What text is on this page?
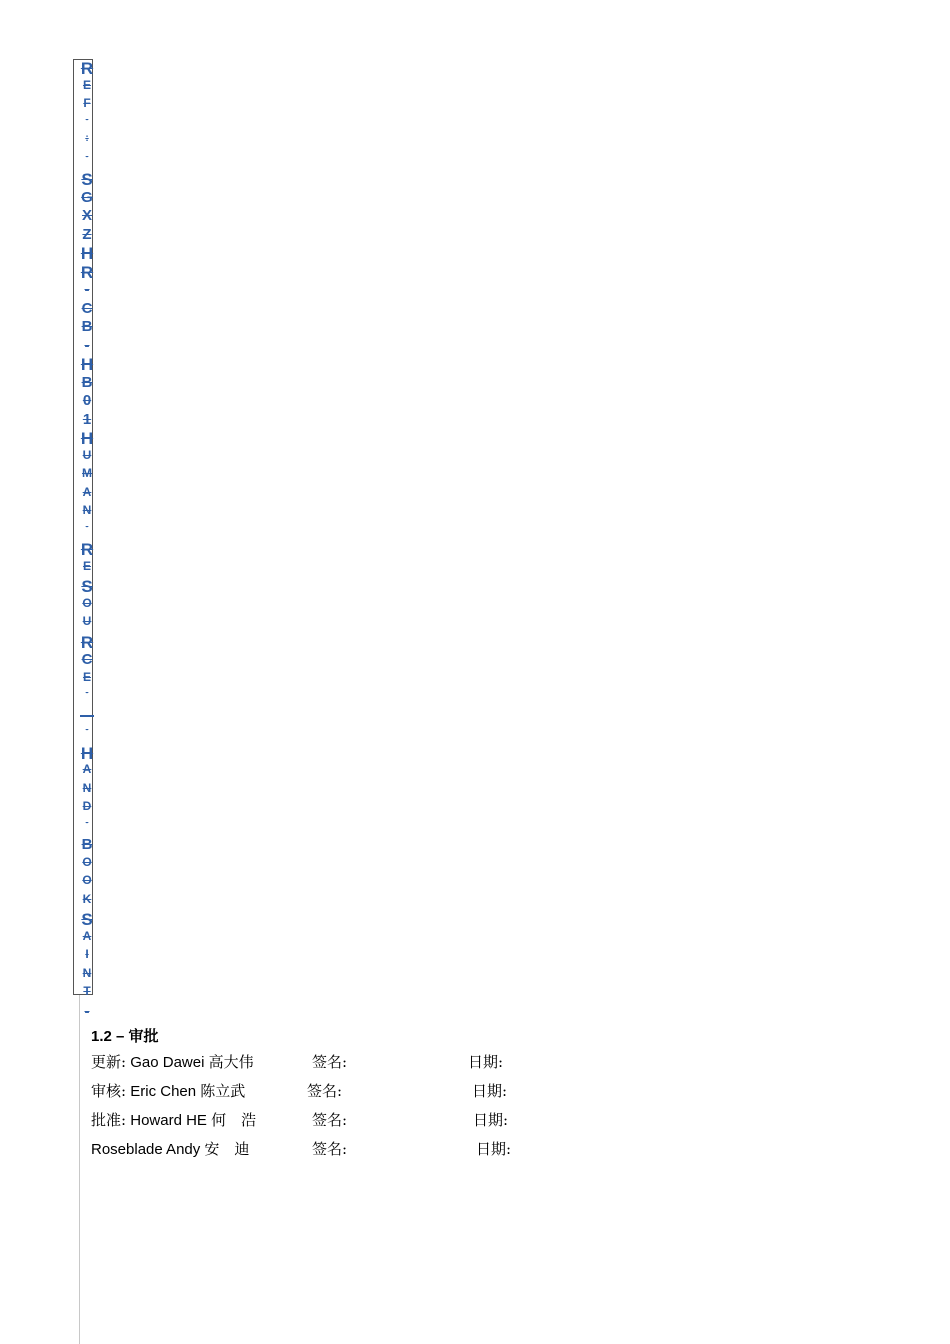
R
E
F
-
:
-
S
G
X
Z
H
R
-
C
B
-
H
B
0
1
H
U
M
A
N
-
R
E
S
O
U
R
C
E
-
—
-
H
A
N
D
-
B
O
O
K
S
A
I
N
T
-
1.2 – 审批
更新: Gao Dawei 高大伟	签名:	日期:
审核: Eric Chen 陈立武	签名:	日期:
批准: Howard HE 何　浩	签名:	日期:
Roseblade Andy 安　迪	签名:	日期:
